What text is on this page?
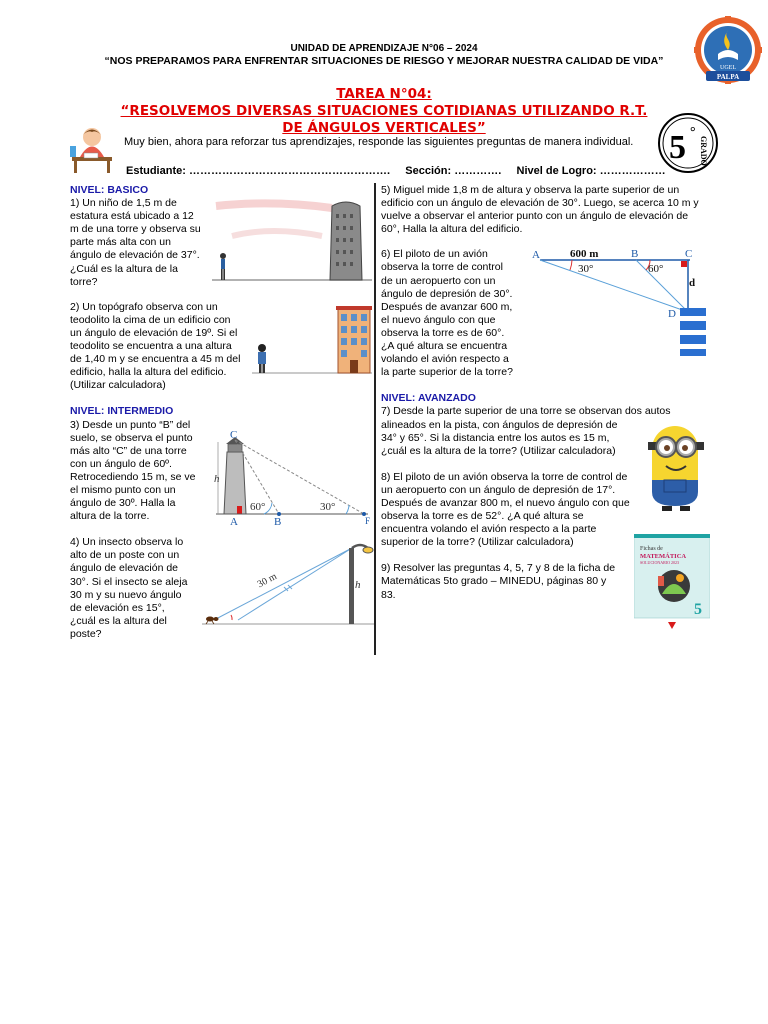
UNIDAD DE APRENDIZAJE N°06 – 2024
“NOS PREPARAMOS PARA ENFRENTAR SITUACIONES DE RIESGO Y MEJORAR NUESTRA CALIDAD DE VIDA”
UGEL
PALPA
TAREA N°04:
“RESOLVEMOS DIVERSAS SITUACIONES COTIDIANAS UTILIZANDO R.T.
DE ÁNGULOS VERTICALES”
Muy bien, ahora para reforzar tus aprendizajes, responde las siguientes preguntas de manera individual. 5 °
GRADO
Estudiante: ……………………………………………….     Sección: ………….     Nivel de Logro: ………………
NIVEL: BASICO
1) Un niño de 1,5 m de
estatura está ubicado a 12
m de una torre y observa su
parte más alta con un
ángulo de elevación de 37°.
¿Cuál es la altura de la
torre?
2) Un topógrafo observa con un
teodolito la cima de un edificio con
un ángulo de elevación de 19º. Si el
teodolito se encuentra a una altura
de 1,40 m y se encuentra a 45 m del
edificio, halla la altura del edificio.
(Utilizar calculadora)
NIVEL: INTERMEDIO
3) Desde un punto “B” del
suelo, se observa el punto
más alto “C” de una torre
con un ángulo de 60º.
Retrocediendo 15 m, se ve
el mismo punto con un
ángulo de 30º. Halla la
altura de la torre.
4) Un insecto observa lo
alto de un poste con un
ángulo de elevación de
30°. Si el insecto se aleja
30 m y su nuevo ángulo
de elevación es 15°,
¿cuál es la altura del
poste?
C
h
A	B	F
60°	30°
30 m	h
5) Miguel mide 1,8 m de altura y observa la parte superior de un
edificio con un ángulo de elevación de 30°. Luego, se acerca 10 m y
vuelve a observar el anterior punto con un ángulo de elevación de
60°, Halla la altura del edificio.
6) El piloto de un avión
observa la torre de control
de un aeropuerto con un
ángulo de depresión de 30°.
Después de avanzar 600 m,
el nuevo ángulo con que
observa la torre es de 60°.
¿A qué altura se encuentra
volando el avión respecto a
la parte superior de la torre?
NIVEL: AVANZADO
7) Desde la parte superior de una torre se observan dos autos
alineados en la pista, con ángulos de depresión de
34° y 65°. Si la distancia entre los autos es 15 m,
¿cuál es la altura de la torre? (Utilizar calculadora)
8) El piloto de un avión observa la torre de control de
un aeropuerto con un ángulo de depresión de 17°.
Después de avanzar 800 m, el nuevo ángulo con que
observa la torre es de 52°. ¿A qué altura se
encuentra volando el avión respecto a la parte
superior de la torre? (Utilizar calculadora)
9) Resolver las preguntas 4, 5, 7 y 8 de la ficha de
Matemáticas 5to grado – MINEDU, páginas 80 y
83.
A	B	C
D
d
600 m
30°	60°
Fichas de
MATEMÁTICA
SOLUCIONARIO 2023
5
